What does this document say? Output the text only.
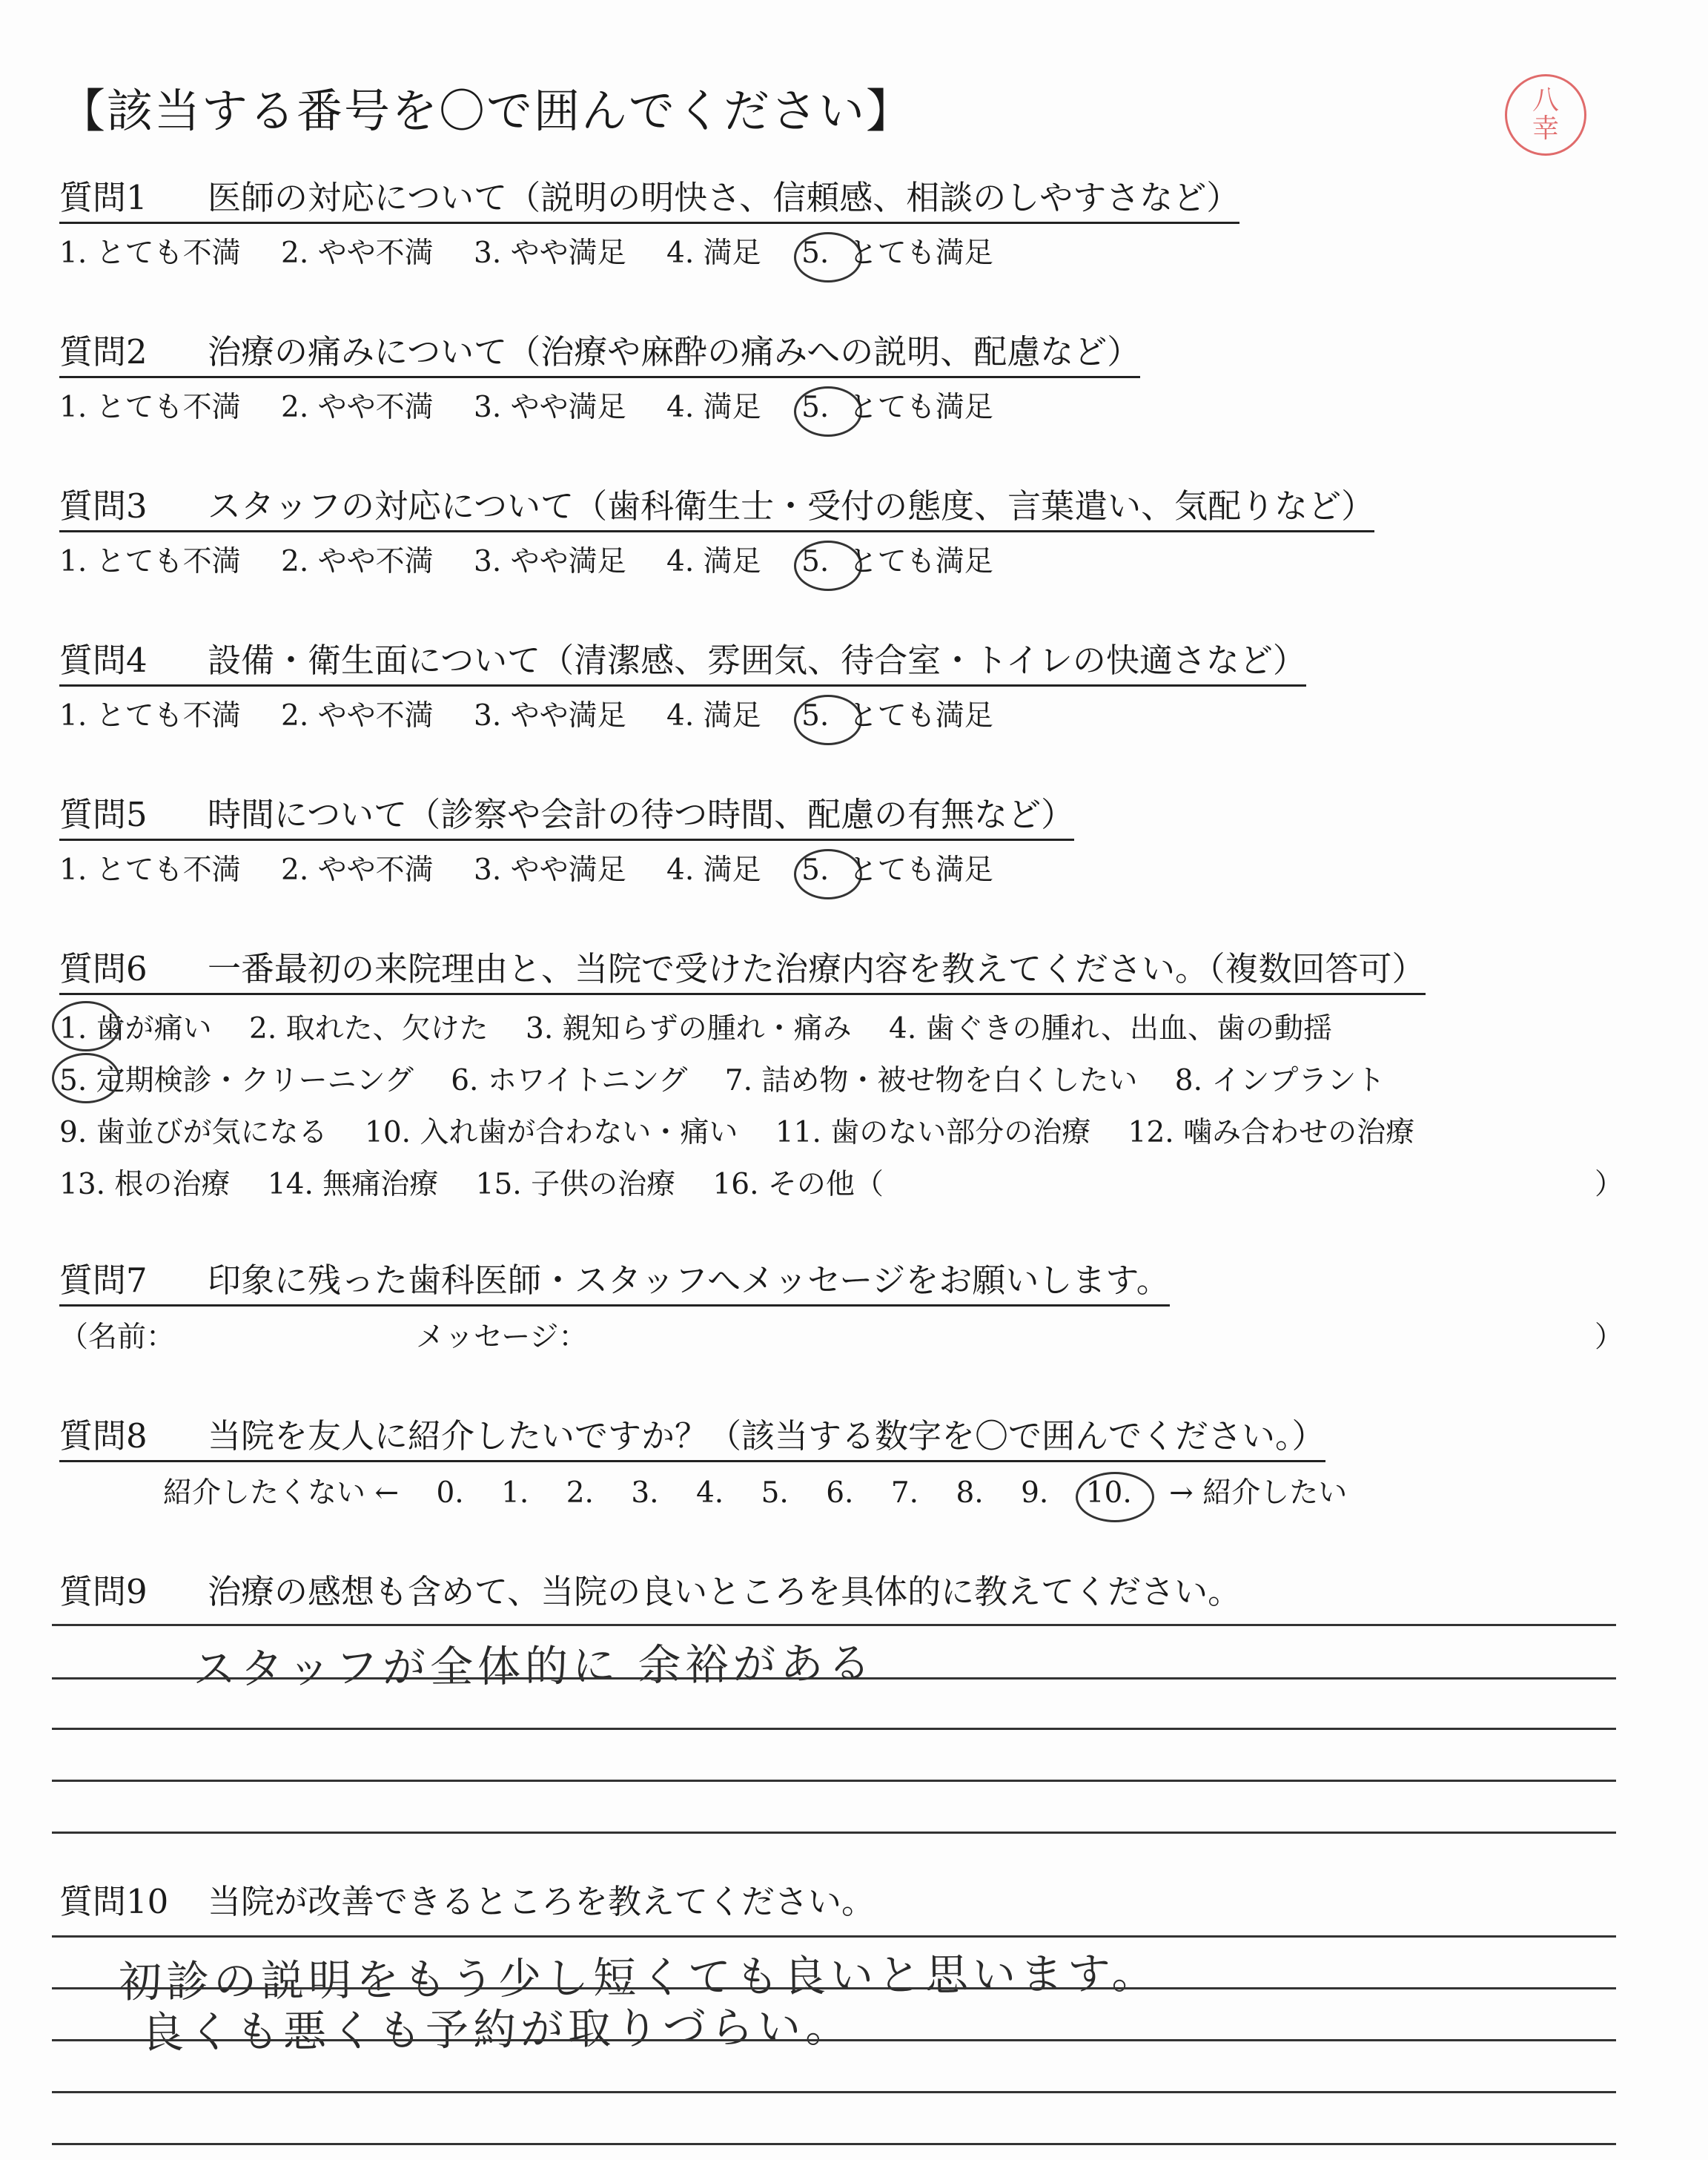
【該当する番号を〇で囲んでください】	八
幸
質問1 医師の対応について（説明の明快さ、信頼感、相談のしやすさなど）
1. とても不満 2. やや不満 3. やや満足 4. 満足 5. とても満足
質問2 治療の痛みについて（治療や麻酔の痛みへの説明、配慮など）
1. とても不満 2. やや不満 3. やや満足 4. 満足 5. とても満足
質問3 スタッフの対応について（歯科衛生士・受付の態度、言葉遣い、気配りなど）
1. とても不満 2. やや不満 3. やや満足 4. 満足 5. とても満足
質問4 設備・衛生面について（清潔感、雰囲気、待合室・トイレの快適さなど）
1. とても不満 2. やや不満 3. やや満足 4. 満足 5. とても満足
質問5 時間について（診察や会計の待つ時間、配慮の有無など）
1. とても不満 2. やや不満 3. やや満足 4. 満足 5. とても満足
質問6 一番最初の来院理由と、当院で受けた治療内容を教えてください。（複数回答可）
1. 歯が痛い 2. 取れた、欠けた 3. 親知らずの腫れ・痛み 4. 歯ぐきの腫れ、出血、歯の動揺
5. 定期検診・クリーニング 6. ホワイトニング 7. 詰め物・被せ物を白くしたい 8. インプラント
9. 歯並びが気になる 10. 入れ歯が合わない・痛い 11. 歯のない部分の治療 12. 噛み合わせの治療
13. 根の治療 14. 無痛治療 15. 子供の治療 16. その他（	）
質問7 印象に残った歯科医師・スタッフへメッセージをお願いします。
（名前：	メッセージ：	）
質問8 当院を友人に紹介したいですか？（該当する数字を〇で囲んでください。）
紹介したくない ← 0. 1. 2. 3. 4. 5. 6. 7. 8. 9. 10. → 紹介したい
質問9 治療の感想も含めて、当院の良いところを具体的に教えてください。
スタッフが全体的に 余裕がある
質問10 当院が改善できるところを教えてください。
初診の説明をもう少し短くても良いと思います。
良くも悪くも予約が取りづらい。
